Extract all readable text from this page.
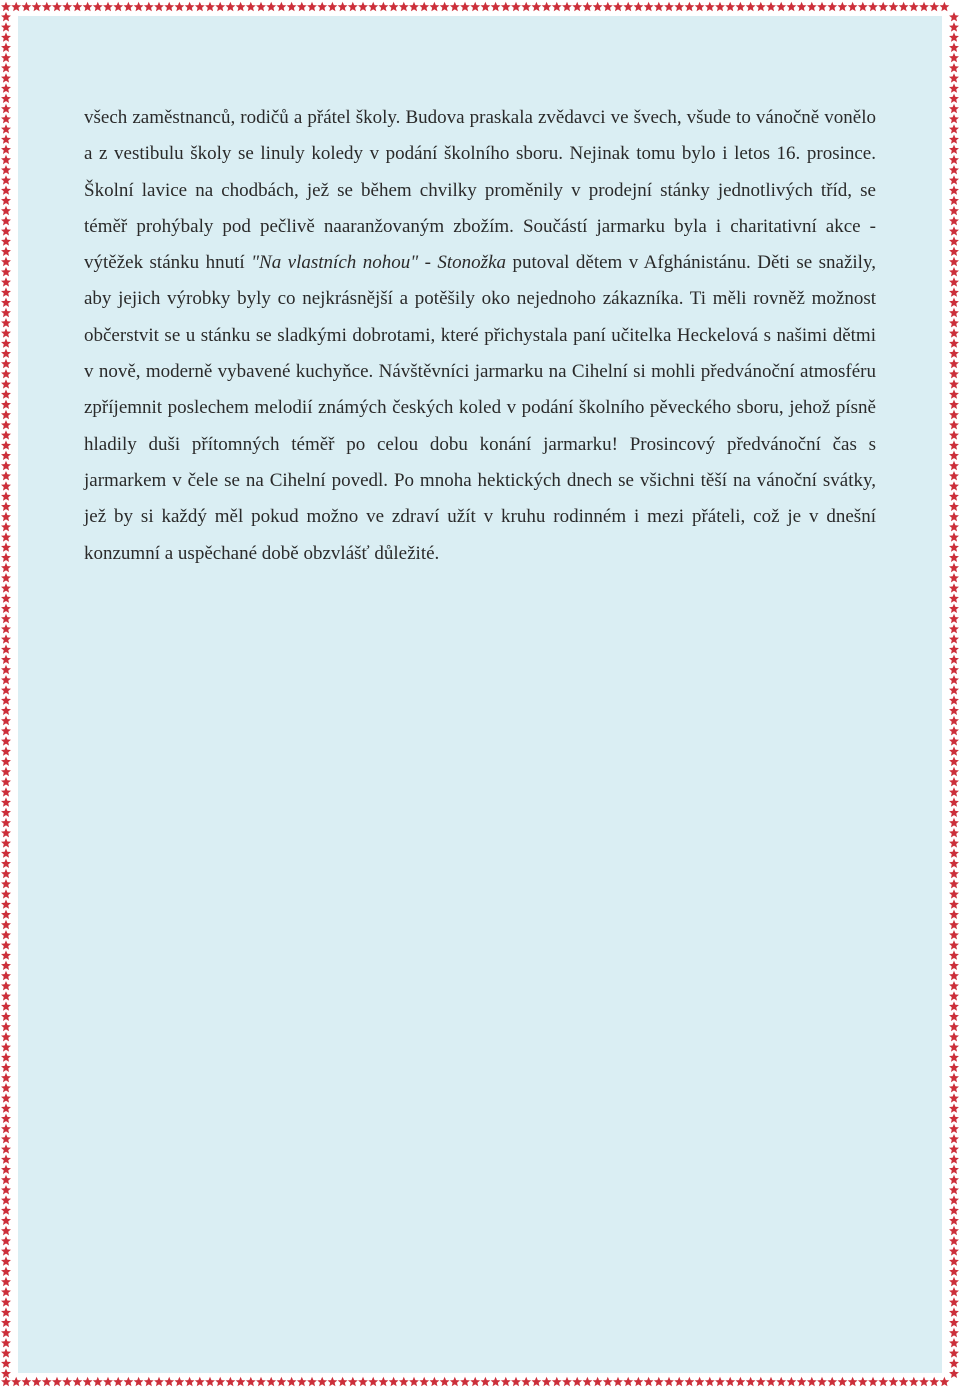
všech zaměstnanců, rodičů a přátel školy. Budova praskala zvědavci ve švech, všude to vánočně vonělo a z vestibulu školy se linuly koledy v podání školního sboru. Nejinak tomu bylo i letos 16. prosince. Školní lavice na chodbách, jež se během chvilky proměnily v prodejní stánky jednotlivých tříd, se téměř prohýbaly pod pečlivě naaranžovaným zbožím. Součástí jarmarku byla i charitativní akce - výtěžek stánku hnutí "Na vlastních nohou" - Stonožka putoval dětem v Afghánistánu. Děti se snažily, aby jejich výrobky byly co nejkrásnější a potěšily oko nejednoho zákazníka. Ti měli rovněž možnost občerstvit se u stánku se sladkými dobrotami, které přichystala paní učitelka Heckelová s našimi dětmi v nově, moderně vybavené kuchyňce. Návštěvníci jarmarku na Cihelní si mohli předvánoční atmosféru zpříjemnit poslechem melodií známých českých koled v podání školního pěveckého sboru, jehož písně hladily duši přítomných téměř po celou dobu konání jarmarku! Prosincový předvánoční čas s jarmarkem v čele se na Cihelní povedl. Po mnoha hektických dnech se všichni těší na vánoční svátky, jež by si každý měl pokud možno ve zdraví užít v kruhu rodinném i mezi přáteli, což je v dnešní konzumní a uspěchané době obzvlášť důležité.
